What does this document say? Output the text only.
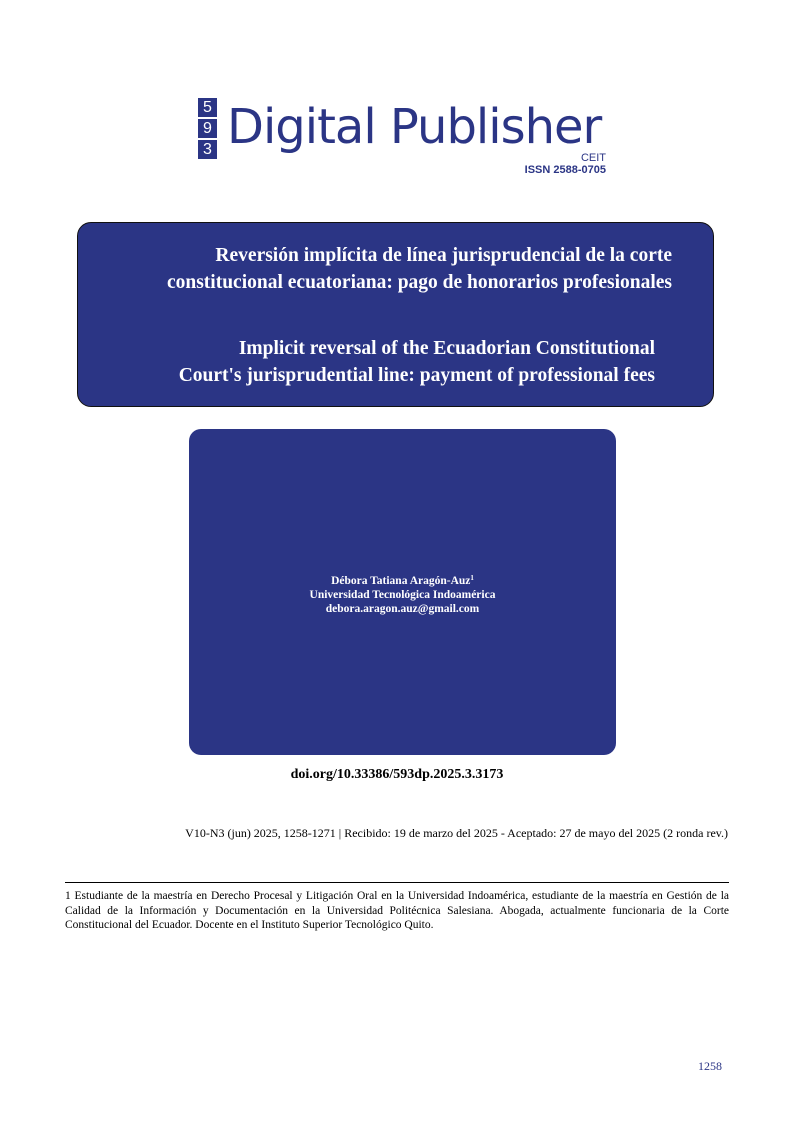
5
9
3 Digital Publisher
CEIT
ISSN 2588-0705
Reversión implícita de línea jurisprudencial de la corte
constitucional ecuatoriana: pago de honorarios profesionales
Implicit reversal of the Ecuadorian Constitutional
Court's jurisprudential line: payment of professional fees
Débora Tatiana Aragón-Auz$^1$
Universidad Tecnológica Indoamérica
debora.aragon.auz@gmail.com
doi.org/10.33386/593dp.2025.3.3173
V10-N3 (jun) 2025, 1258-1271 | Recibido: 19 de marzo del 2025 - Aceptado: 27 de mayo del 2025 (2 ronda rev.)
1 Estudiante de la maestría en Derecho Procesal y Litigación Oral en la Universidad Indoamérica, estudiante de la maestría en Gestión de la Calidad de la Información y Documentación en la Universidad Politécnica Salesiana. Abogada, actualmente funcionaria de la Corte Constitucional del Ecuador. Docente en el Instituto Superior Tecnológico Quito.
1258
